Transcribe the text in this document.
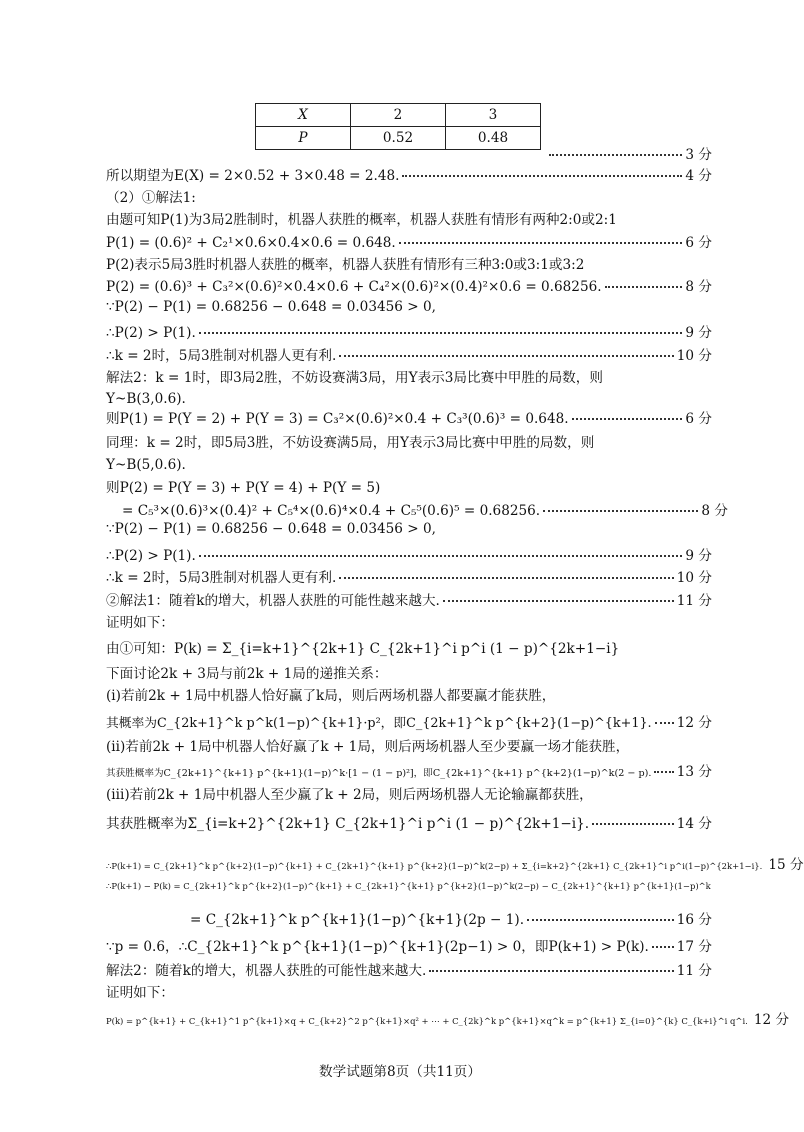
X	2	3
P	0.52	0.48
3 分
所以期望为E(X) = 2×0.52 + 3×0.48 = 2.48.	4 分
（2）①解法1:
由题可知P(1)为3局2胜制时，机器人获胜的概率，机器人获胜有情形有两种2:0或2:1
P(1) = (0.6)² + C₂¹×0.6×0.4×0.6 = 0.648.	6 分
P(2)表示5局3胜时机器人获胜的概率，机器人获胜有情形有三种3:0或3:1或3:2
P(2) = (0.6)³ + C₃²×(0.6)²×0.4×0.6 + C₄²×(0.6)²×(0.4)²×0.6 = 0.68256.	8 分
∵P(2) − P(1) = 0.68256 − 0.648 = 0.03456 > 0,
∴P(2) > P(1).	9 分
∴k = 2时，5局3胜制对机器人更有利.	10 分
解法2：k = 1时，即3局2胜，不妨设赛满3局，用Y表示3局比赛中甲胜的局数，则
Y~B(3,0.6).
则P(1) = P(Y = 2) + P(Y = 3) = C₃²×(0.6)²×0.4 + C₃³(0.6)³ = 0.648.	6 分
同理：k = 2时，即5局3胜，不妨设赛满5局，用Y表示3局比赛中甲胜的局数，则
Y~B(5,0.6).
则P(2) = P(Y = 3) + P(Y = 4) + P(Y = 5)
= C₅³×(0.6)³×(0.4)² + C₅⁴×(0.6)⁴×0.4 + C₅⁵(0.6)⁵ = 0.68256.	8 分
∵P(2) − P(1) = 0.68256 − 0.648 = 0.03456 > 0,
∴P(2) > P(1).	9 分
∴k = 2时，5局3胜制对机器人更有利.	10 分
②解法1：随着k的增大，机器人获胜的可能性越来越大.	11 分
证明如下：
由①可知：P(k) = Σ_{i=k+1}^{2k+1} C_{2k+1}^i p^i (1 − p)^{2k+1−i}
下面讨论2k + 3局与前2k + 1局的递推关系：
(i)若前2k + 1局中机器人恰好赢了k局，则后两场机器人都要赢才能获胜，
其概率为C_{2k+1}^k p^k(1−p)^{k+1}·p²，即C_{2k+1}^k p^{k+2}(1−p)^{k+1}. 12 分
(ii)若前2k + 1局中机器人恰好赢了k + 1局，则后两场机器人至少要赢一场才能获胜，
其获胜概率为C_{2k+1}^{k+1} p^{k+1}(1−p)^k·[1 − (1 − p)²]，即C_{2k+1}^{k+1} p^{k+2}(1−p)^k(2 − p). 13 分
(iii)若前2k + 1局中机器人至少赢了k + 2局，则后两场机器人无论输赢都获胜，
其获胜概率为Σ_{i=k+2}^{2k+1} C_{2k+1}^i p^i (1 − p)^{2k+1−i}.	14 分
∴P(k+1) = C_{2k+1}^k p^{k+2}(1−p)^{k+1} + C_{2k+1}^{k+1} p^{k+2}(1−p)^k(2−p) + Σ_{i=k+2}^{2k+1} C_{2k+1}^i p^i(1−p)^{2k+1−i}. 15 分
∴P(k+1) − P(k) = C_{2k+1}^k p^{k+2}(1−p)^{k+1} + C_{2k+1}^{k+1} p^{k+2}(1−p)^k(2−p) − C_{2k+1}^{k+1} p^{k+1}(1−p)^k
= C_{2k+1}^k p^{k+1}(1−p)^{k+1}(2p − 1).	16 分
∵p = 0.6，∴C_{2k+1}^k p^{k+1}(1−p)^{k+1}(2p−1) > 0，即P(k+1) > P(k). 17 分
解法2：随着k的增大，机器人获胜的可能性越来越大.	11 分
证明如下：
P(k) = p^{k+1} + C_{k+1}^1 p^{k+1}×q + C_{k+2}^2 p^{k+1}×q² + ⋯ + C_{2k}^k p^{k+1}×q^k = p^{k+1} Σ_{i=0}^{k} C_{k+i}^i q^i. 12 分
数学试题第8页（共11页）
